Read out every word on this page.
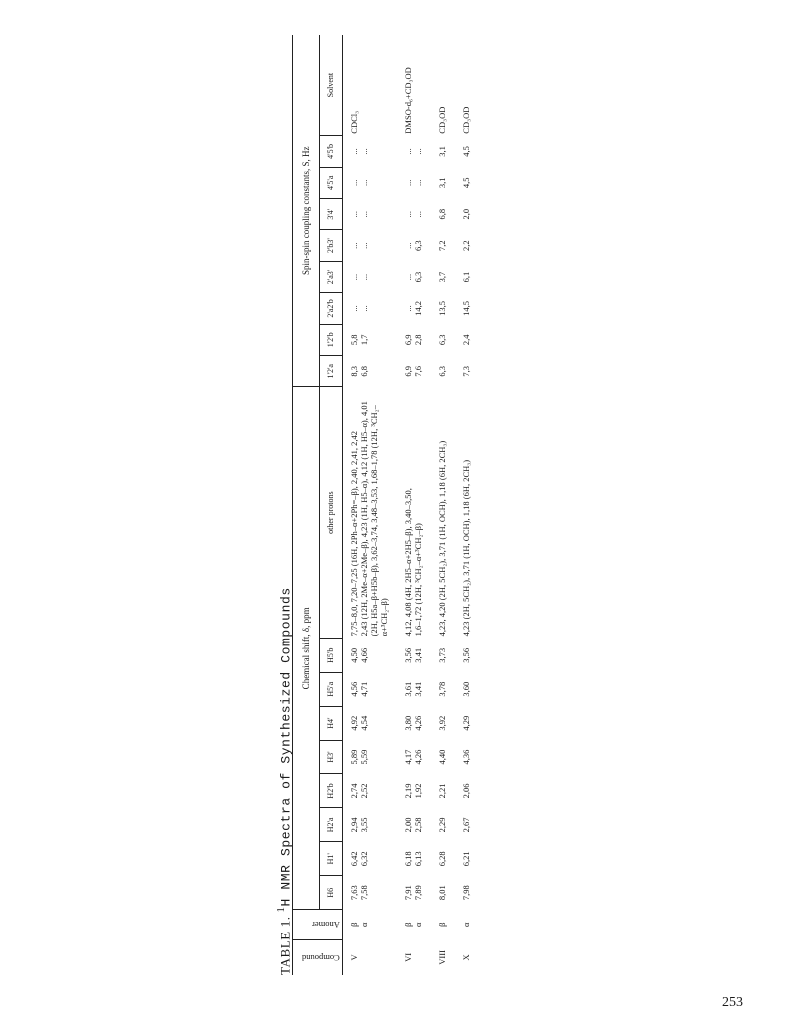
TABLE 1. $^1$H NMR Spectra of Synthesized Compounds
Compound	Anomer	Chemical shift, δ, ppm									Spin-spin coupling constants, S, Hz								
		H6	H1'	H2'a	H2'b	H3'	H4'	H5'a	H5'b	other protons	1'2'a	1'2'b	2'a2'b	2'a3'	2'b3'	3'4'	4'5'a	4'5'b	Solvent
V	β	7,63	6,42	2,94	2,74	5,89	4,92	4,56	4,50	7,75–8,0, 7,20–7,25 (16H, 2Ph–α+2Ph=–β), 2,40, 2,41, 2,42	8,3	5,8	...	...	...	...	...	...	CDCl₃
	α	7,58	6,32	3,55	2,52	5,59	4,54	4,71	4,66	2,43 (12H, 2Me–α+2Me–β), 4,23 (1H, H5–α), 4,12 (1H, H5–α), 4,01 (2H, H5a–β+H5b–β), 3,62–3,74, 3,48–3,53, 1,68–1,78 (12H, ³CH₂–α+³CH₂–β)	6,8	1,7	...	...	...	...	...	...	

VI	β	7,91	6,18	2,00	2,19	4,17	3,80	3,61	3,56	4,12, 4,08 (4H, 2H5–α+2H5–β), 3,40–3,50,	6,9	6,9	...	...	...	...	...	...	DMSO-d₆+CD₃OD
	α	7,89	6,13	2,58	1,92	4,26	4,26	3,41	3,41	1,6–1,72 (12H, ³CH₂–α+³CH₂–β)	7,6	2,8	14,2	6,3	6,3	...	...	...	

VIII	β	8,01	6,28	2,29	2,21	4,40	3,92	3,78	3,73	4,23, 4,20 (2H, 5CH₂), 3,71 (1H, OCH), 1,18 (6H, 2CH₃)	6,3	6,3	13,5	3,7	7,2	6,8	3,1	3,1	CD₃OD

X	α	7,98	6,21	2,67	2,06	4,36	4,29	3,60	3,56	4,23 (2H, 5CH₂), 3,71 (1H, OCH), 1,18 (6H, 2CH₃)	7,3	2,4	14,5	6,1	2,2	2,0	4,5	4,5	CD₃OD
253
